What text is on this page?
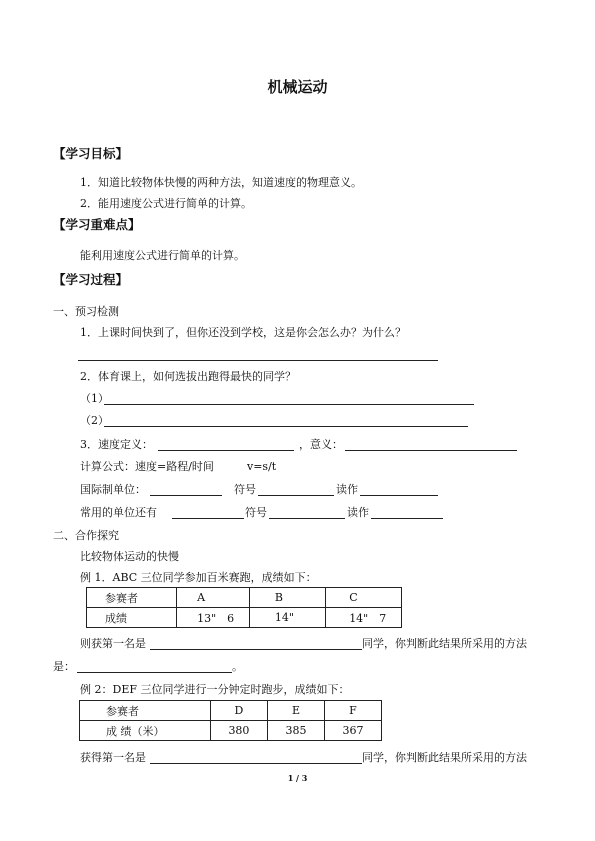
机械运动
【学习目标】
1．知道比较物体快慢的两种方法，知道速度的物理意义。
2．能用速度公式进行简单的计算。
【学习重难点】
能利用速度公式进行简单的计算。
【学习过程】
一、预习检测
1．上课时间快到了，但你还没到学校，这是你会怎么办？为什么？
2．体育课上，如何选拔出跑得最快的同学？
（1）
（2）
3．速度定义：	，意义：
计算公式：速度=路程/时间	v=s/t
国际制单位：	符号	读作
常用的单位还有	符号	读作
二、合作探究
比较物体运动的快慢
例 1．ABC 三位同学参加百米赛跑，成绩如下：
参赛者	A	B	C
成绩	13"　6	14"	14"　7
则获第一名是	同学，你判断此结果所采用的方法
是：	。
例 2：DEF 三位同学进行一分钟定时跑步，成绩如下：
参赛者	D	E	F
成 绩（米）	380	385	367
获得第一名是	同学，你判断此结果所采用的方法
1 / 3
